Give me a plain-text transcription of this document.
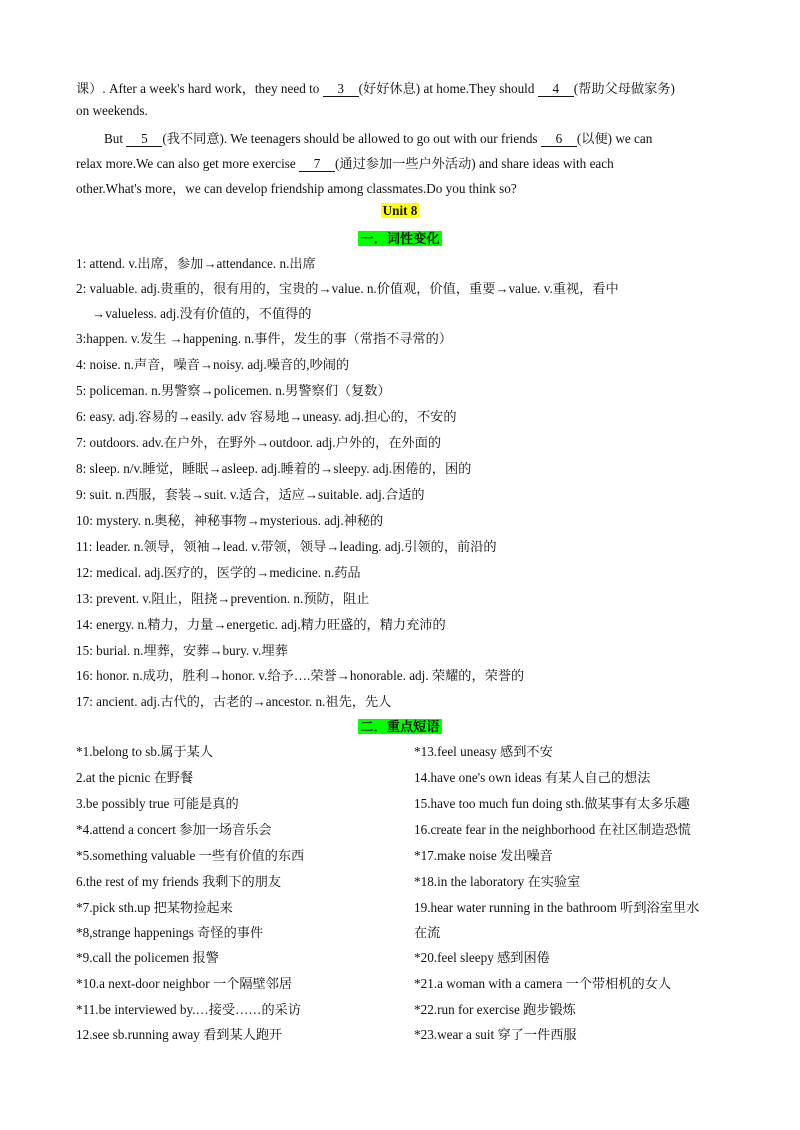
课）. After a week's hard work，they need to 3 (好好休息) at home.They should 4 (帮助父母做家务)
on weekends.
But 5 (我不同意). We teenagers should be allowed to go out with our friends 6 (以便) we can
relax more.We can also get more exercise 7 (通过参加一些户外活动) and share ideas with each
other.What's more，we can develop friendship among classmates.Do you think so?
Unit 8
一．词性变化
1: attend. v.出席，参加→attendance. n.出席
2: valuable. adj.贵重的，很有用的，宝贵的→value. n.价值观，价值，重要→value. v.重视，看中
→valueless. adj.没有价值的，不值得的
3:happen. v.发生 →happening. n.事件，发生的事（常指不寻常的）
4: noise. n.声音，噪音→noisy. adj.噪音的,吵闹的
5: policeman. n.男警察→policemen. n.男警察们（复数）
6: easy. adj.容易的→easily. adv 容易地→uneasy. adj.担心的，不安的
7: outdoors. adv.在户外，在野外→outdoor. adj.户外的，在外面的
8: sleep. n/v.睡觉，睡眠→asleep. adj.睡着的→sleepy. adj.困倦的，困的
9: suit. n.西服，套装→suit. v.适合，适应→suitable. adj.合适的
10: mystery. n.奥秘，神秘事物→mysterious. adj.神秘的
11: leader. n.领导，领袖→lead. v.带领，领导→leading. adj.引领的，前沿的
12: medical. adj.医疗的，医学的→medicine. n.药品
13: prevent. v.阻止，阻挠→prevention. n.预防，阻止
14: energy. n.精力，力量→energetic. adj.精力旺盛的，精力充沛的
15: burial. n.埋葬，安葬→bury. v.埋葬
16: honor. n.成功，胜利→honor. v.给予….荣誉→honorable. adj. 荣耀的，荣誉的
17: ancient. adj.古代的，古老的→ancestor. n.祖先，先人
二．重点短语
*1.belong to sb.属于某人
2.at the picnic 在野餐
3.be possibly true 可能是真的
*4.attend a concert 参加一场音乐会
*5.something valuable 一些有价值的东西
6.the rest of my friends 我剩下的朋友
*7.pick sth.up 把某物捡起来
*8,strange happenings 奇怪的事件
*9.call the policemen 报警
*10.a next-door neighbor 一个隔壁邻居
*11.be interviewed by.…接受……的采访
12.see sb.running away 看到某人跑开
*13.feel uneasy 感到不安
14.have one's own ideas 有某人自己的想法
15.have too much fun doing sth.做某事有太多乐趣
16.create fear in the neighborhood 在社区制造恐慌
*17.make noise 发出噪音
*18.in the laboratory 在实验室
19.hear water running in the bathroom 听到浴室里水
在流
*20.feel sleepy 感到困倦
*21.a woman with a camera 一个带相机的女人
*22.run for exercise 跑步锻炼
*23.wear a suit 穿了一件西服
